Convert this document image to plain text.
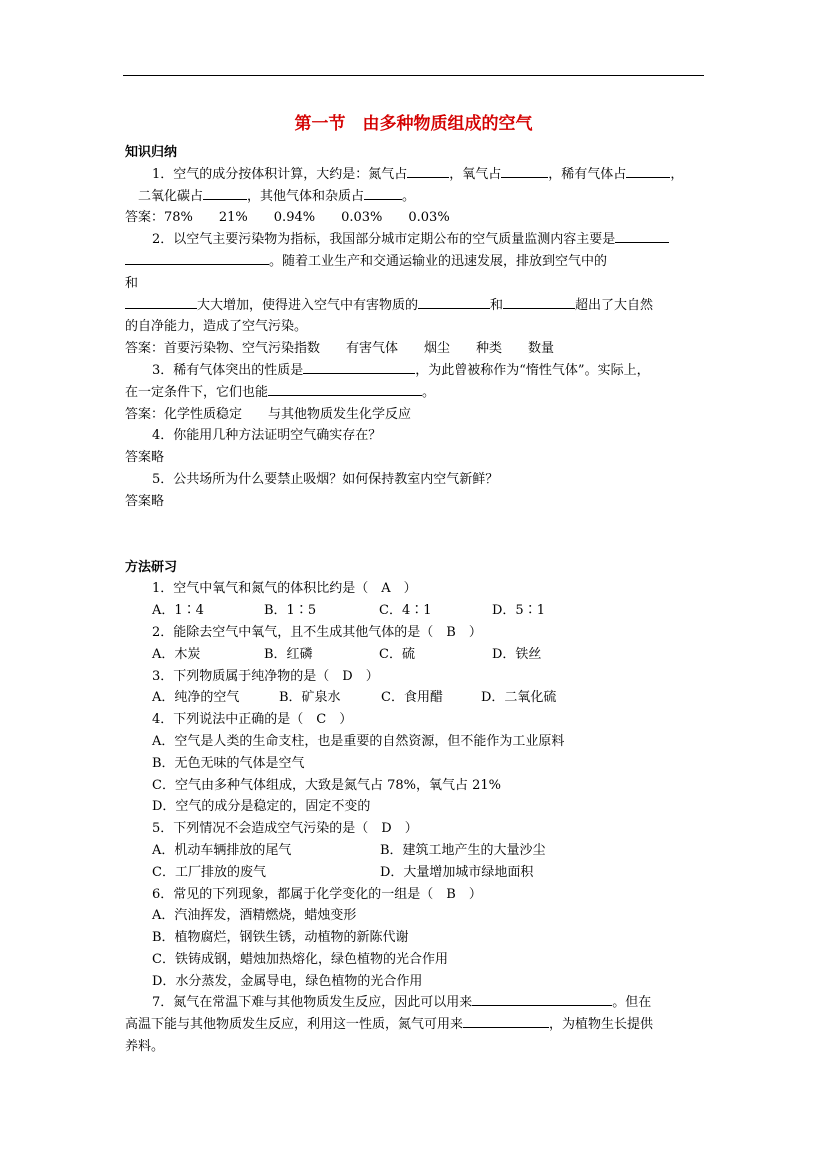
第一节　由多种物质组成的空气
知识归纳
1．空气的成分按体积计算，大约是：氮气占	，氧气占	，稀有气体占	，
二氧化碳占	，其他气体和杂质占	。
答案：78%　　21%　　0.94%　　0.03%　　0.03%
2．以空气主要污染物为指标，我国部分城市定期公布的空气质量监测内容主要是
。随着工业生产和交通运输业的迅速发展，排放到空气中的
和
大大增加，使得进入空气中有害物质的	和	超出了大自然
的自净能力，造成了空气污染。
答案：首要污染物、空气污染指数　　有害气体　　烟尘　　种类　　数量
3．稀有气体突出的性质是	，为此曾被称作为“惰性气体”。实际上，
在一定条件下，它们也能	。
答案：化学性质稳定　　与其他物质发生化学反应
4．你能用几种方法证明空气确实存在？
答案略
5．公共场所为什么要禁止吸烟？如何保持教室内空气新鲜？
答案略
方法研习
1．空气中氧气和氮气的体积比约是（　A　）
A．1∶4	B．1∶5	C．4∶1	D．5∶1
2．能除去空气中氧气，且不生成其他气体的是（　B　）
A．木炭	B．红磷	C．硫	D．铁丝
3．下列物质属于纯净物的是（　D　）
A．纯净的空气	B．矿泉水	C．食用醋	D．二氧化硫
4．下列说法中正确的是（　C　）
A．空气是人类的生命支柱，也是重要的自然资源，但不能作为工业原料
B．无色无味的气体是空气
C．空气由多种气体组成，大致是氮气占 78%，氧气占 21%
D．空气的成分是稳定的，固定不变的
5．下列情况不会造成空气污染的是（　D　）
A．机动车辆排放的尾气	B．建筑工地产生的大量沙尘
C．工厂排放的废气	D．大量增加城市绿地面积
6．常见的下列现象，都属于化学变化的一组是（　B　）
A．汽油挥发，酒精燃烧，蜡烛变形
B．植物腐烂，钢铁生锈，动植物的新陈代谢
C．铁铸成钢，蜡烛加热熔化，绿色植物的光合作用
D．水分蒸发，金属导电，绿色植物的光合作用
7．氮气在常温下难与其他物质发生反应，因此可以用来	。但在
高温下能与其他物质发生反应，利用这一性质，氮气可用来	，为植物生长提供
养料。
